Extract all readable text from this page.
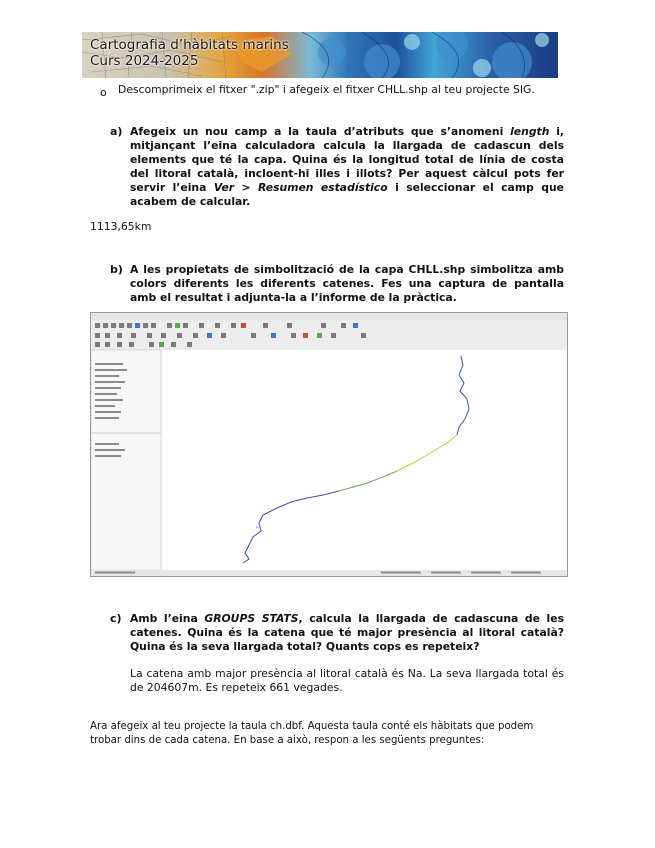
Cartografia d’hàbitats marins
Curs 2024-2025
o Descomprimeix el fitxer ".zip" i afegeix el fitxer CHLL.shp al teu projecte SIG.
a) Afegeix un nou camp a la taula d’atributs que s’anomeni length i, mitjançant l’eina calculadora calcula la llargada de cadascun dels elements que té la capa. Quina és la longitud total de línia de costa del litoral català, incloent-hi illes i illots? Per aquest càlcul pots fer servir l’eina Ver > Resumen estadístico i seleccionar el camp que acabem de calcular.
1113,65km
b) A les propietats de simbolització de la capa CHLL.shp simbolitza amb colors diferents les diferents catenes. Fes una captura de pantalla amb el resultat i adjunta-la a l’informe de la pràctica.
c) Amb l’eina GROUPS STATS, calcula la llargada de cadascuna de les catenes. Quina és la catena que té major presència al litoral català? Quina és la seva llargada total? Quants cops es repeteix?
La catena amb major presència al litoral català és Na. La seva llargada total és de 204607m. Es repeteix 661 vegades.
Ara afegeix al teu projecte la taula ch.dbf. Aquesta taula conté els hàbitats que podem trobar dins de cada catena. En base a això, respon a les següents preguntes:
